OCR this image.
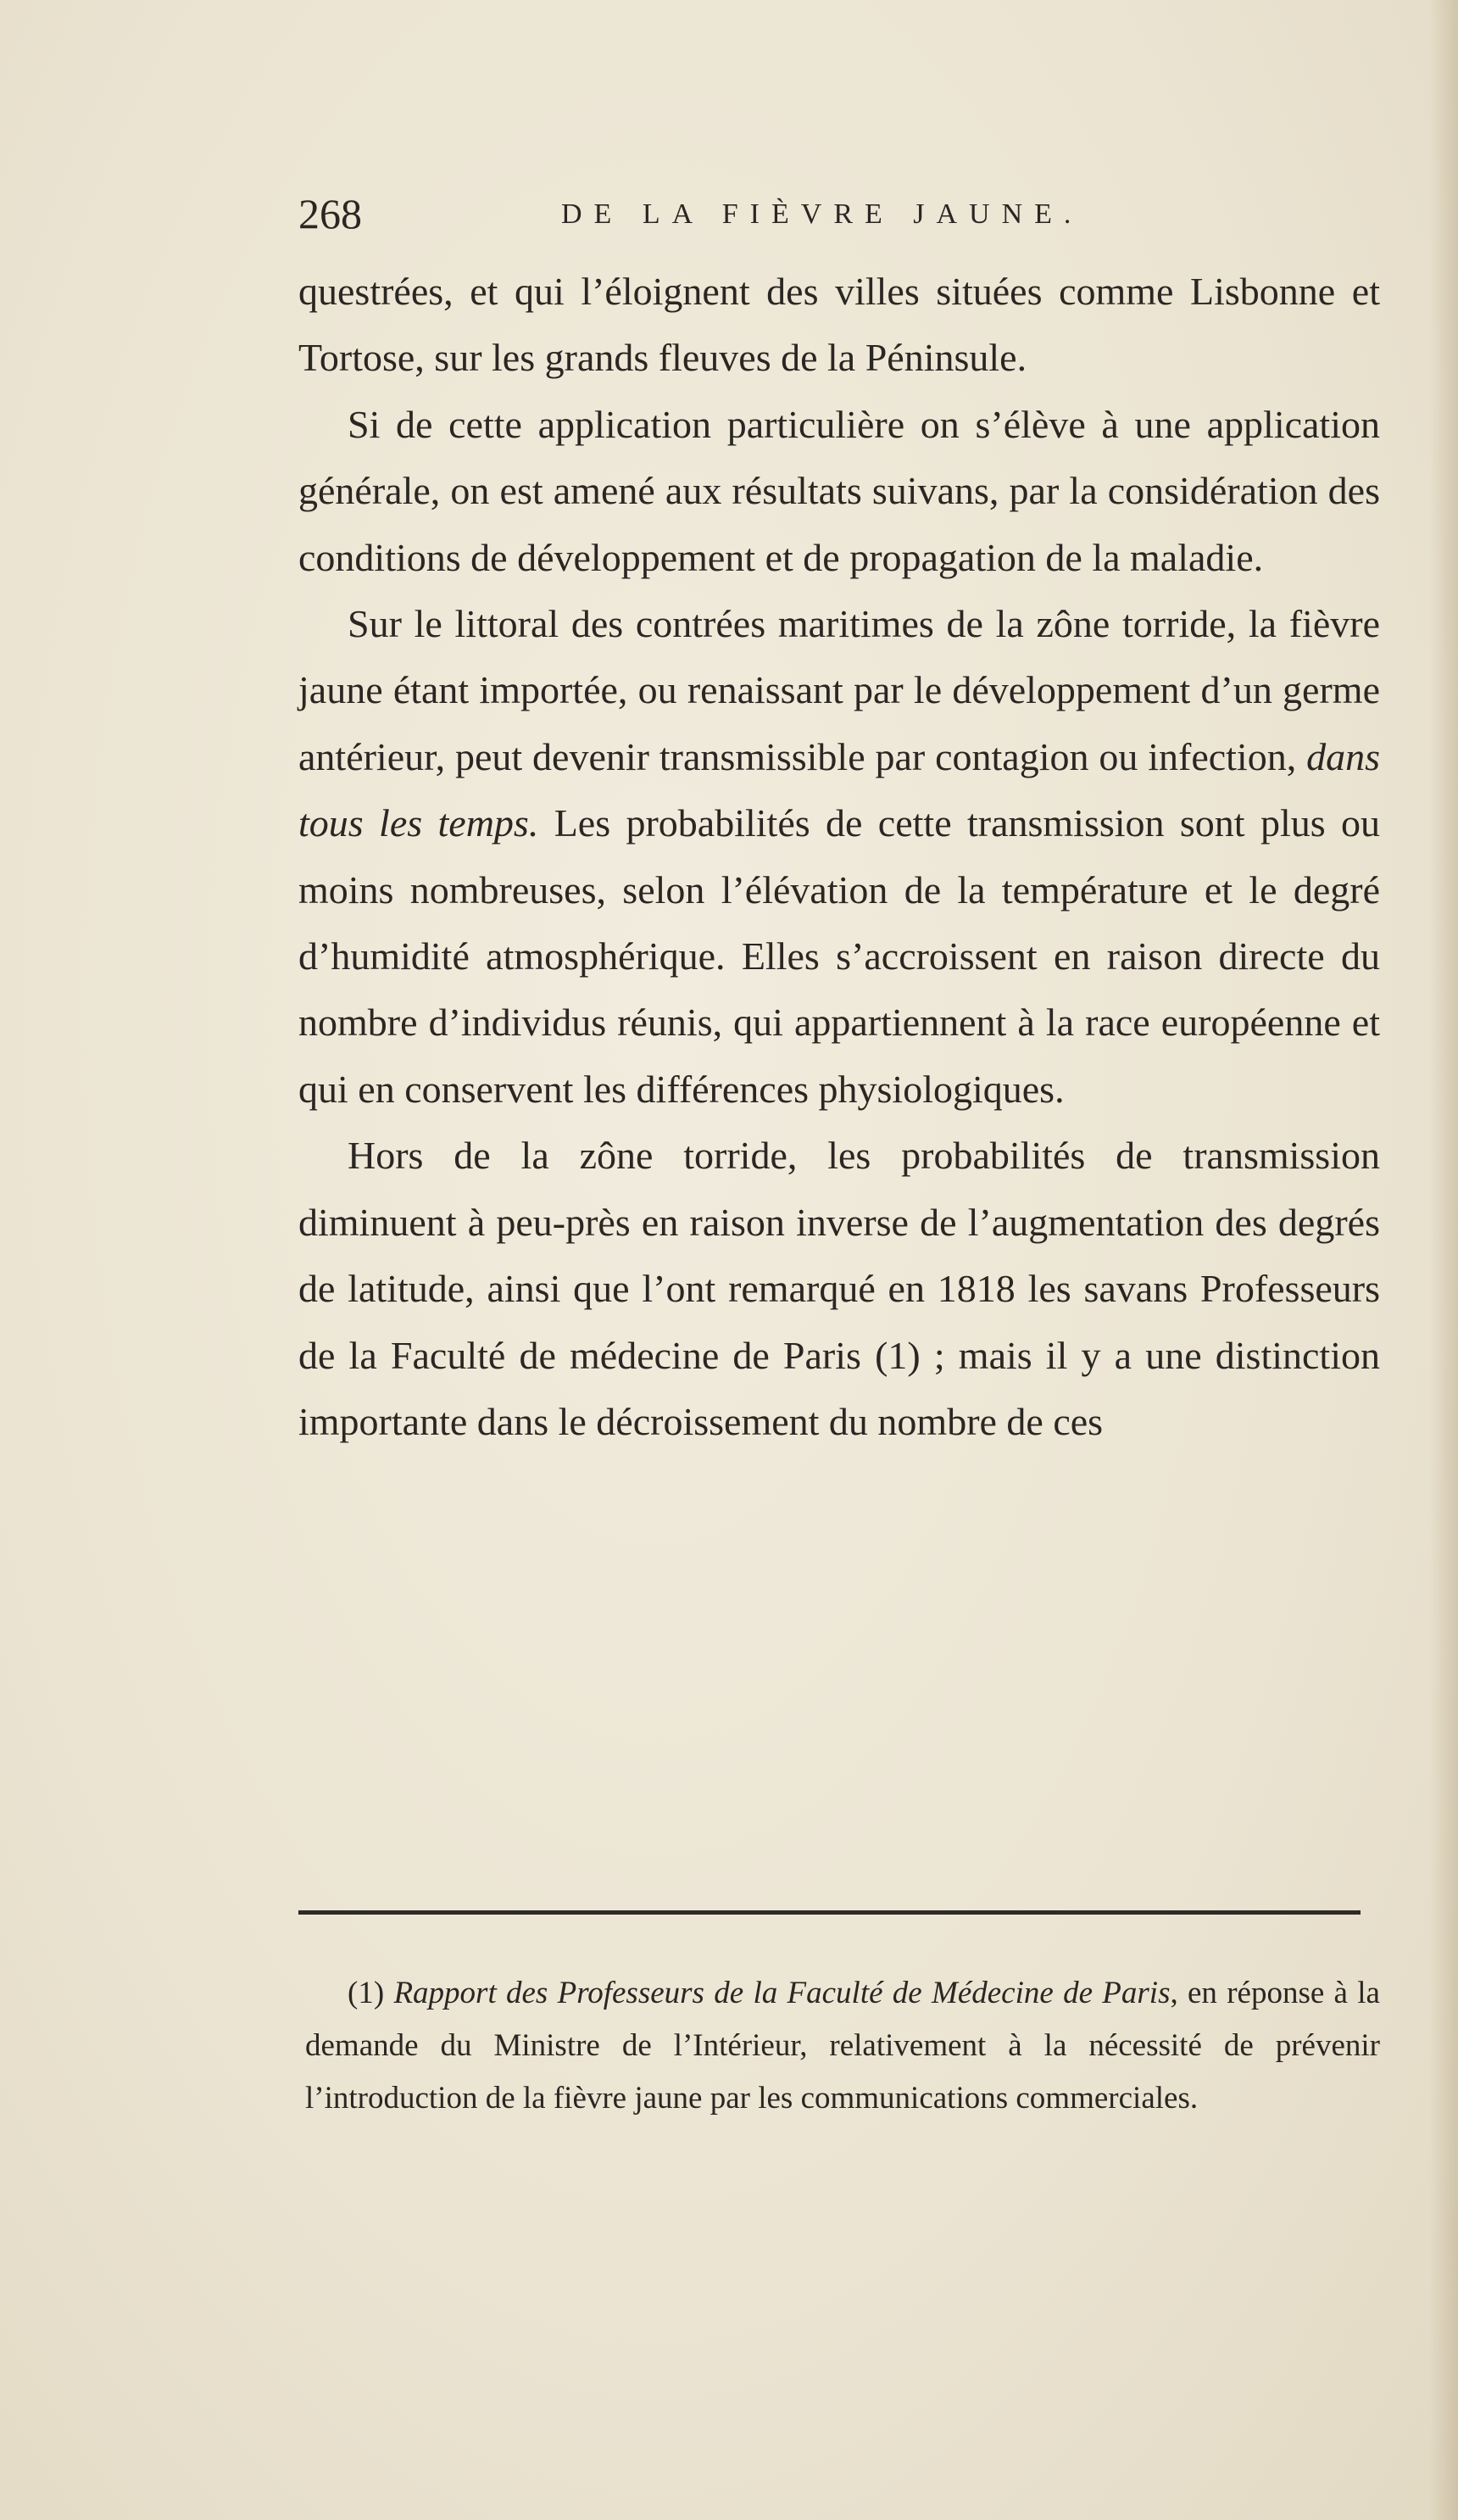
268	DE LA FIÈVRE JAUNE.

questrées, et qui l’éloignent des villes situées comme Lisbonne et Tortose, sur les grands fleuves de la Péninsule.

Si de cette application particulière on s’élève à une application générale, on est amené aux résultats suivans, par la considération des conditions de développement et de propagation de la maladie.

Sur le littoral des contrées maritimes de la zône torride, la fièvre jaune étant importée, ou renaissant par le développement d’un germe antérieur, peut devenir transmissible par contagion ou infection, dans tous les temps. Les probabilités de cette transmission sont plus ou moins nombreuses, selon l’élévation de la température et le degré d’humidité atmosphérique. Elles s’accroissent en raison directe du nombre d’individus réunis, qui appartiennent à la race européenne et qui en conservent les différences physiologiques.

Hors de la zône torride, les probabilités de transmission diminuent à peu-près en raison inverse de l’augmentation des degrés de latitude, ainsi que l’ont remarqué en 1818 les savans Professeurs de la Faculté de médecine de Paris (1) ; mais il y a une distinction importante dans le décroissement du nombre de ces

(1) Rapport des Professeurs de la Faculté de Médecine de Paris, en réponse à la demande du Ministre de l’Intérieur, relativement à la nécessité de prévenir l’introduction de la fièvre jaune par les communications commerciales.
